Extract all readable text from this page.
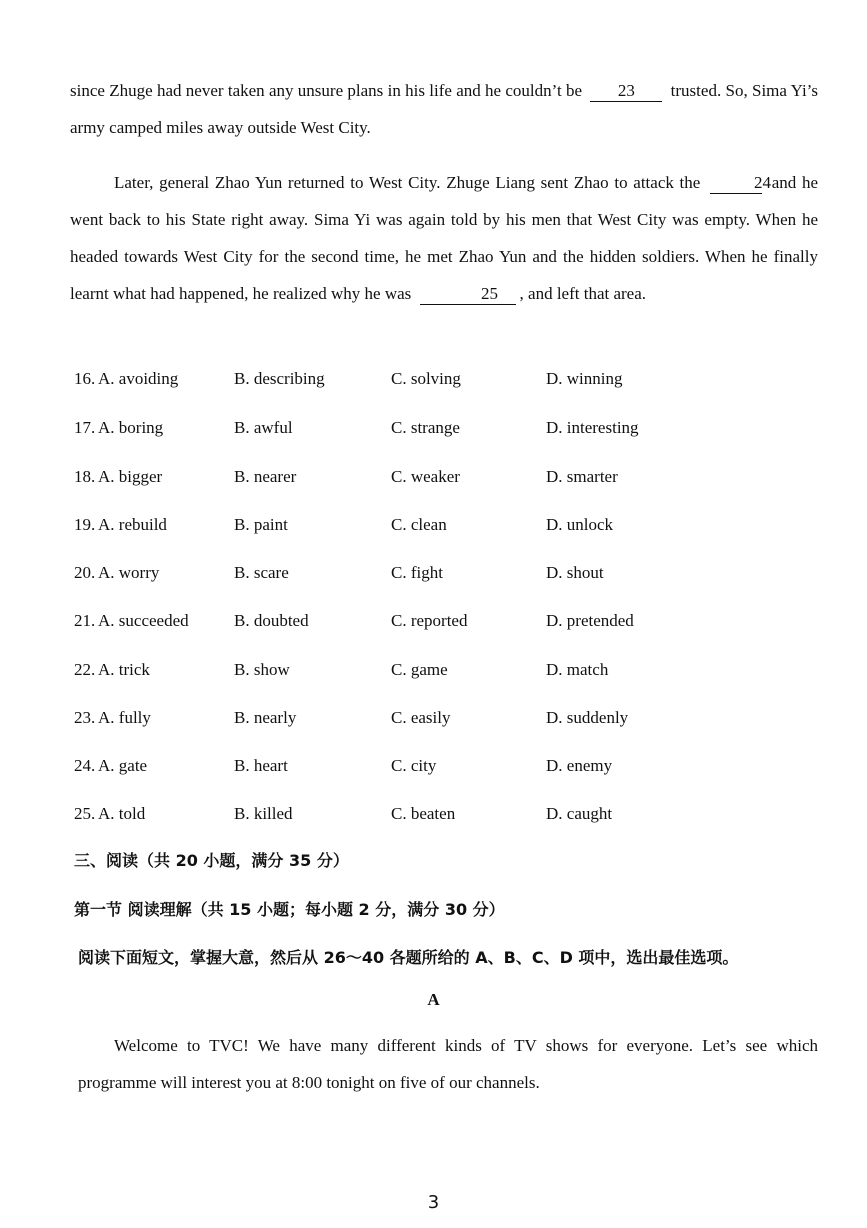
since Zhuge had never taken any unsure plans in his life and he couldn’t be 23 trusted. So, Sima Yi’s army camped miles away outside West City.
Later, general Zhao Yun returned to West City. Zhuge Liang sent Zhao to attack the	24 and he went back to his State right away. Sima Yi was again told by his men that West City was empty. When he headed towards West City for the second time, he met Zhao Yun and the hidden soldiers. When he finally learnt what had happened, he realized why he was	25 , and left that area.
16. A. avoiding	B. describing	C. solving	D. winning
17. A. boring	B. awful	C. strange	D. interesting
18. A. bigger	B. nearer	C. weaker	D. smarter
19. A. rebuild	B. paint	C. clean	D. unlock
20. A. worry	B. scare	C. fight	D. shout
21. A. succeeded	B. doubted	C. reported	D. pretended
22. A. trick	B. show	C. game	D. match
23. A. fully	B. nearly	C. easily	D. suddenly
24. A. gate	B. heart	C. city	D. enemy
25. A. told	B. killed	C. beaten	D. caught
三、阅读（共 20 小题，满分 35 分）
第一节 阅读理解（共 15 小题；每小题 2 分，满分 30 分）
阅读下面短文，掌握大意，然后从 26～40 各题所给的 A、B、C、D 项中，选出最佳选项。
A
Welcome to TVC! We have many different kinds of TV shows for everyone. Let’s see which programme will interest you at 8:00 tonight on five of our channels.
3
